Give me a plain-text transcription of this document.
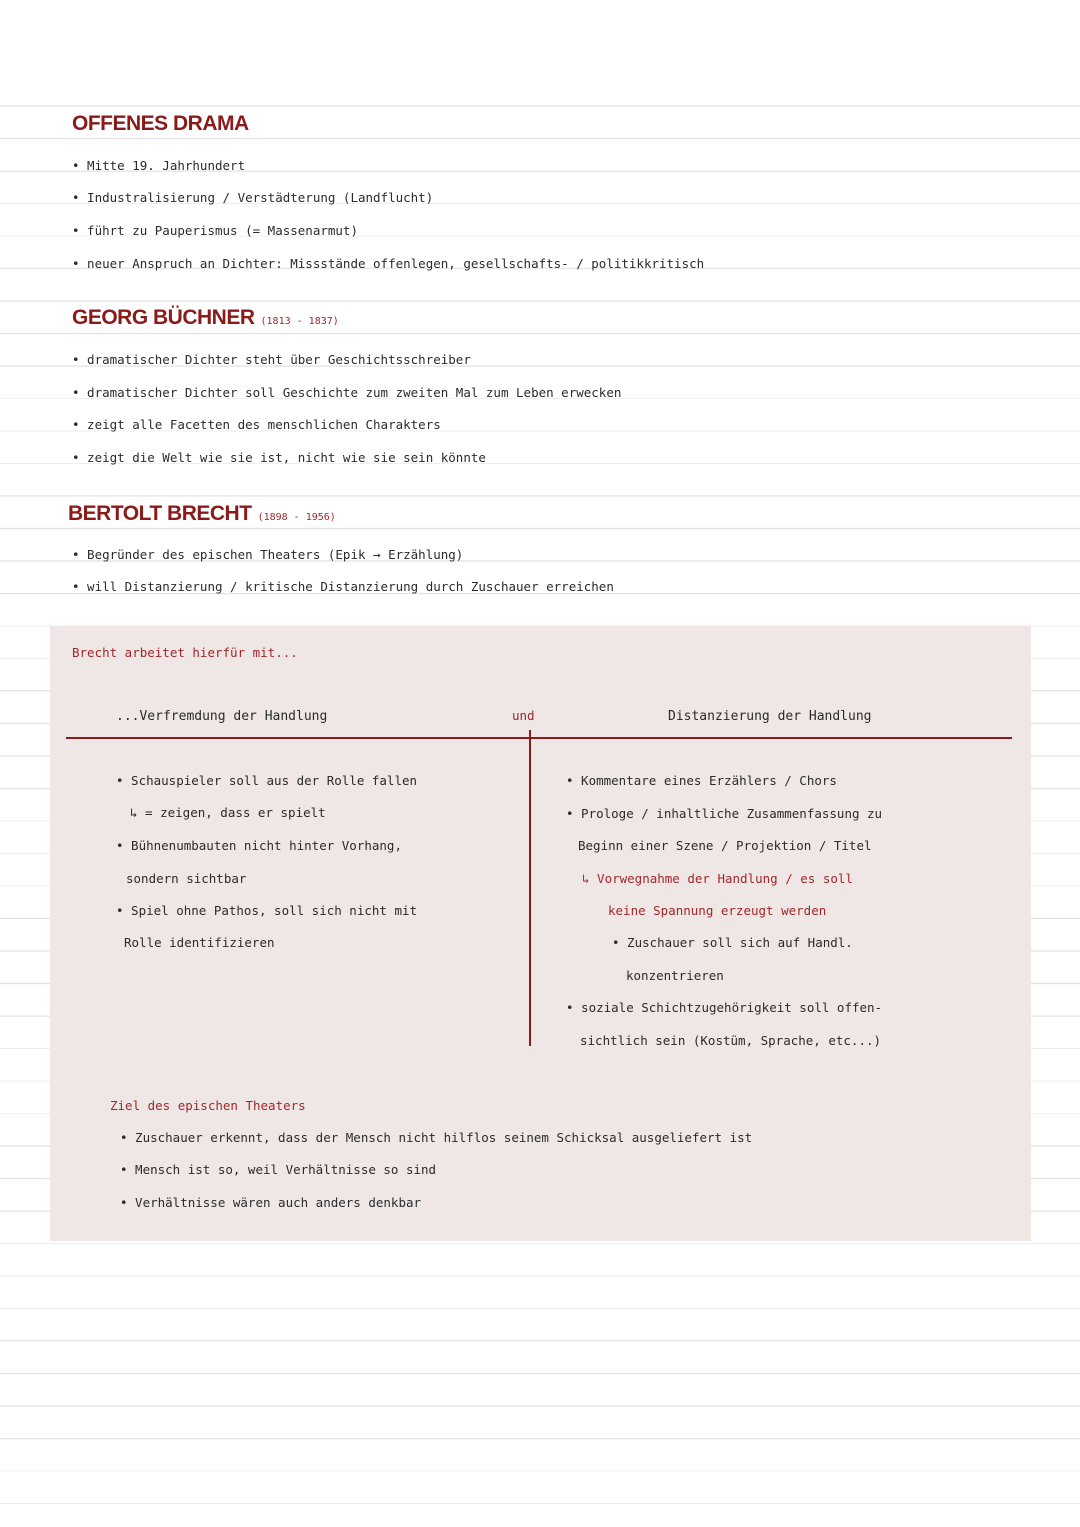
OFFENES DRAMA
• Mitte 19. Jahrhundert
• Industralisierung / Verstädterung (Landflucht)
• führt zu Pauperismus (= Massenarmut)
• neuer Anspruch an Dichter: Missstände offenlegen, gesellschafts- / politikkritisch
GEORG BÜCHNER (1813 - 1837)
• dramatischer Dichter steht über Geschichtsschreiber
• dramatischer Dichter soll Geschichte zum zweiten Mal zum Leben erwecken
• zeigt alle Facetten des menschlichen Charakters
• zeigt die Welt wie sie ist, nicht wie sie sein könnte
BERTOLT BRECHT (1898 - 1956)
• Begründer des epischen Theaters (Epik → Erzählung)
• will Distanzierung / kritische Distanzierung durch Zuschauer erreichen
Brecht arbeitet hierfür mit...
...Verfremdung der Handlung	und	Distanzierung der Handlung
• Schauspieler soll aus der Rolle fallen
↳ = zeigen, dass er spielt
• Bühnenumbauten nicht hinter Vorhang,
sondern sichtbar
• Spiel ohne Pathos, soll sich nicht mit
Rolle identifizieren
• Kommentare eines Erzählers / Chors
• Prologe / inhaltliche Zusammenfassung zu
Beginn einer Szene / Projektion / Titel
↳ Vorwegnahme der Handlung / es soll
keine Spannung erzeugt werden
• Zuschauer soll sich auf Handl.
konzentrieren
• soziale Schichtzugehörigkeit soll offen-
sichtlich sein (Kostüm, Sprache, etc...)
Ziel des epischen Theaters
• Zuschauer erkennt, dass der Mensch nicht hilflos seinem Schicksal ausgeliefert ist
• Mensch ist so, weil Verhältnisse so sind
• Verhältnisse wären auch anders denkbar
